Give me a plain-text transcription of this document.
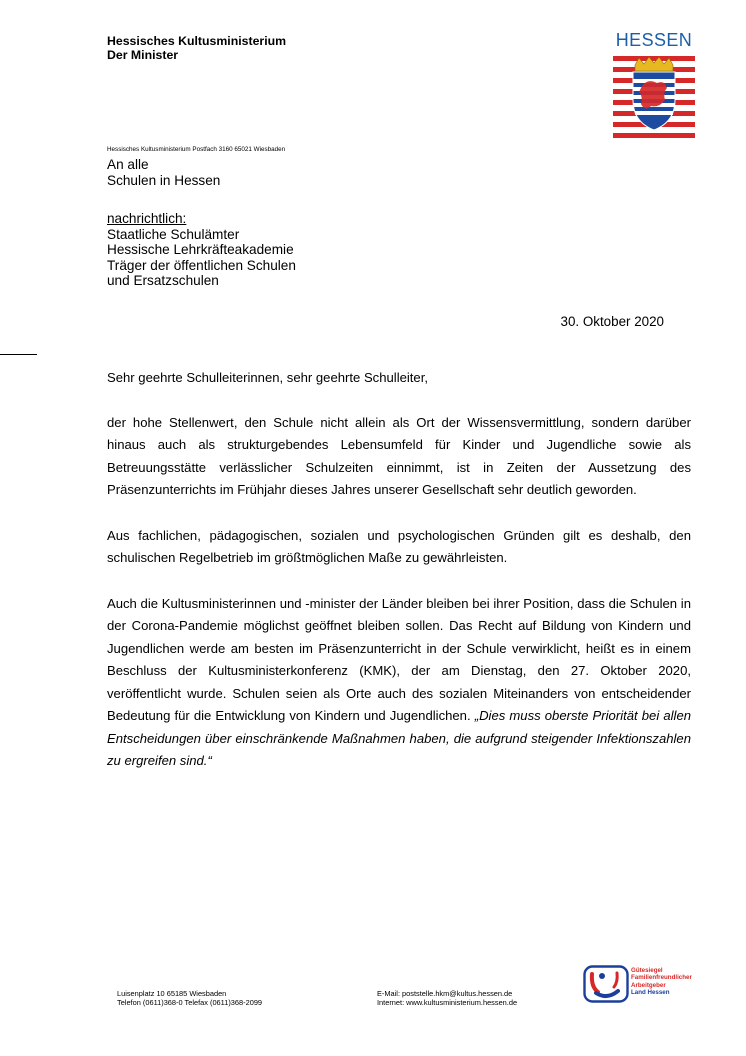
Hessisches Kultusministerium
Der Minister
HESSEN
Hessisches Kultusministerium Postfach 3160 65021 Wiesbaden
An alle
Schulen in Hessen
nachrichtlich:
Staatliche Schulämter
Hessische Lehrkräfteakademie
Träger der öffentlichen Schulen
und Ersatzschulen
30. Oktober 2020

Sehr geehrte Schulleiterinnen, sehr geehrte Schulleiter,

der hohe Stellenwert, den Schule nicht allein als Ort der Wissensvermittlung, sondern darüber hinaus auch als strukturgebendes Lebensumfeld für Kinder und Jugendliche sowie als Betreuungsstätte verlässlicher Schulzeiten einnimmt, ist in Zeiten der Aussetzung des Präsenzunterrichts im Frühjahr dieses Jahres unserer Gesellschaft sehr deutlich geworden.

Aus fachlichen, pädagogischen, sozialen und psychologischen Gründen gilt es deshalb, den schulischen Regelbetrieb im größtmöglichen Maße zu gewährleisten.

Auch die Kultusministerinnen und -minister der Länder bleiben bei ihrer Position, dass die Schulen in der Corona-Pandemie möglichst geöffnet bleiben sollen. Das Recht auf Bildung von Kindern und Jugendlichen werde am besten im Präsenzunterricht in der Schule verwirklicht, heißt es in einem Beschluss der Kultusministerkonferenz (KMK), der am Dienstag, den 27. Oktober 2020, veröffentlicht wurde. Schulen seien als Orte auch des sozialen Miteinanders von entscheidender Bedeutung für die Entwicklung von Kindern und Jugendlichen. „Dies muss oberste Priorität bei allen Entscheidungen über einschränkende Maßnahmen haben, die aufgrund steigender Infektionszahlen zu ergreifen sind.“

Luisenplatz 10 65185 Wiesbaden
Telefon (0611)368-0 Telefax (0611)368-2099
E-Mail: poststelle.hkm@kultus.hessen.de
Internet: www.kultusministerium.hessen.de
Gütesiegel
Familienfreundlicher
Arbeitgeber
Land Hessen
